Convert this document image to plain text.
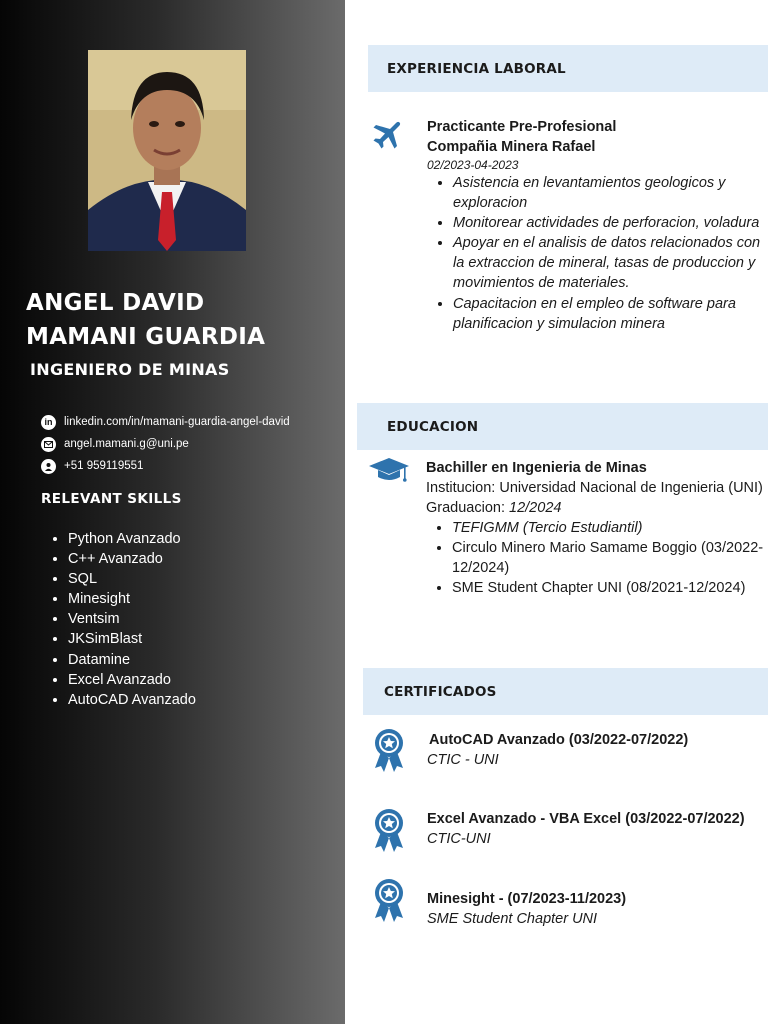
ANGEL DAVID
MAMANI GUARDIA

INGENIERO DE MINAS

in	linkedin.com/in/mamani-guardia-angel-david
angel.mamani.g@uni.pe
+51 959119551

RELEVANT SKILLS

• Python Avanzado
• C++ Avanzado
• SQL
• Minesight
• Ventsim
• JKSimBlast
• Datamine
• Excel Avanzado
• AutoCAD Avanzado
EXPERIENCIA LABORAL

Practicante Pre-Profesional

Compañia Minera Rafael

02/2023-04-2023

• Asistencia en levantamientos geologicos y exploracion
• Monitorear actividades de perforacion, voladura
• Apoyar en el analisis de datos relacionados con la extraccion de mineral, tasas de produccion y movimientos de materiales.
• Capacitacion en el empleo de software para planificacion y simulacion minera
EDUCACION

Bachiller en Ingenieria de Minas

Institucion: Universidad Nacional de Ingenieria (UNI)

Graduacion: 12/2024

• TEFIGMM (Tercio Estudiantil)
• Circulo Minero Mario Samame Boggio (03/2022-12/2024)
• SME Student Chapter UNI (08/2021-12/2024)
CERTIFICADOS

AutoCAD Avanzado (03/2022-07/2022)

CTIC - UNI

Excel Avanzado - VBA Excel (03/2022-07/2022)

CTIC-UNI

Minesight - (07/2023-11/2023)

SME Student Chapter UNI
